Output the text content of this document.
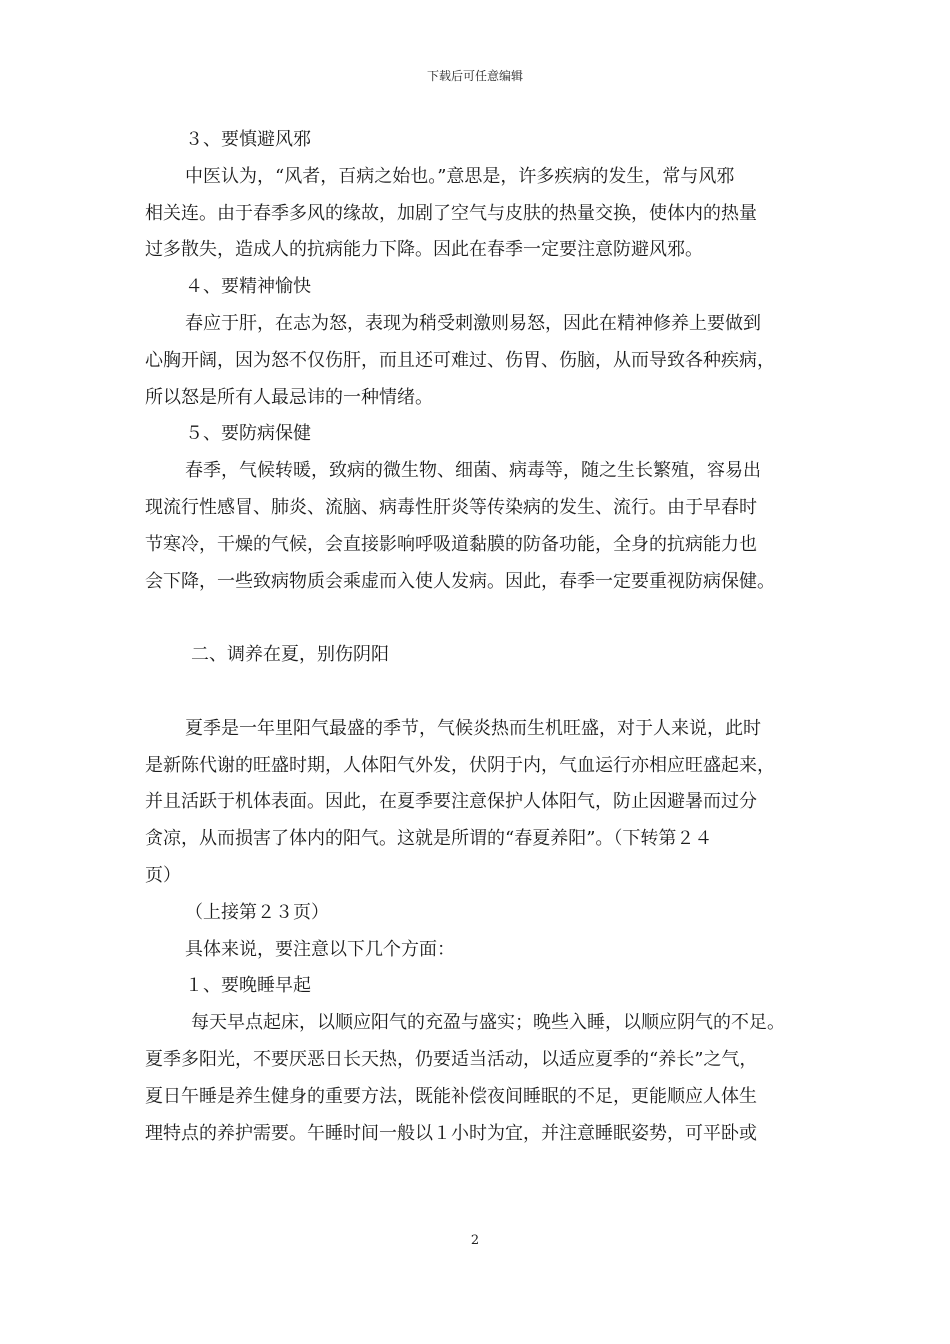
下载后可任意编辑
３、要慎避风邪
中医认为，“风者，百病之始也。”意思是，许多疾病的发生，常与风邪
相关连。由于春季多风的缘故，加剧了空气与皮肤的热量交换，使体内的热量
过多散失，造成人的抗病能力下降。因此在春季一定要注意防避风邪。
４、要精神愉快
春应于肝，在志为怒，表现为稍受刺激则易怒，因此在精神修养上要做到
心胸开阔，因为怒不仅伤肝，而且还可难过、伤胃、伤脑，从而导致各种疾病，
所以怒是所有人最忌讳的一种情绪。
５、要防病保健
春季，气候转暖，致病的微生物、细菌、病毒等，随之生长繁殖，容易出
现流行性感冒、肺炎、流脑、病毒性肝炎等传染病的发生、流行。由于早春时
节寒冷，干燥的气候，会直接影响呼吸道黏膜的防备功能，全身的抗病能力也
会下降，一些致病物质会乘虚而入使人发病。因此，春季一定要重视防病保健。
二、调养在夏，别伤阴阳
夏季是一年里阳气最盛的季节，气候炎热而生机旺盛，对于人来说，此时
是新陈代谢的旺盛时期，人体阳气外发，伏阴于内，气血运行亦相应旺盛起来，
并且活跃于机体表面。因此，在夏季要注意保护人体阳气，防止因避暑而过分
贪凉，从而损害了体内的阳气。这就是所谓的“春夏养阳”。（下转第２４
页）
（上接第２３页）
具体来说，要注意以下几个方面：
１、要晚睡早起
每天早点起床，以顺应阳气的充盈与盛实；晚些入睡，以顺应阴气的不足。
夏季多阳光，不要厌恶日长天热，仍要适当活动，以适应夏季的“养长”之气，
夏日午睡是养生健身的重要方法，既能补偿夜间睡眠的不足，更能顺应人体生
理特点的养护需要。午睡时间一般以１小时为宜，并注意睡眠姿势，可平卧或
2
